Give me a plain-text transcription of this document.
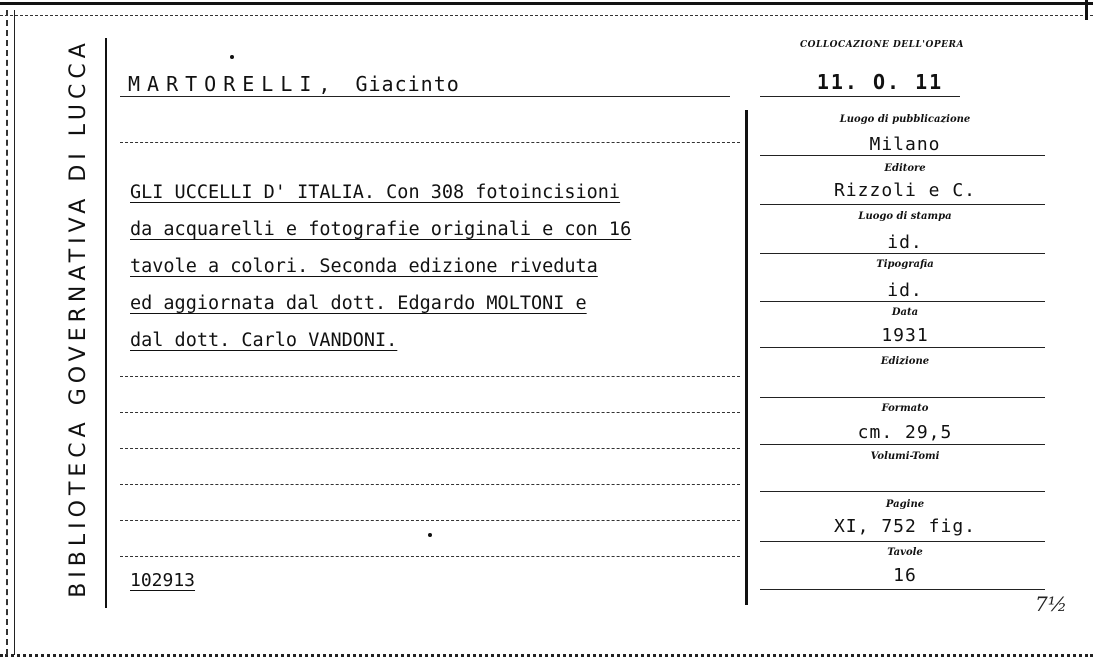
BIBLIOTECA GOVERNATIVA DI LUCCA	MARTORELLI, Giacinto
COLLOCAZIONE DELL'OPERA
11. O. 11

GLI UCCELLI D' ITALIA. Con 308 fotoincisioni
da acquarelli e fotografie originali e con 16
tavole a colori. Seconda edizione riveduta
ed aggiornata dal dott. Edgardo MOLTONI e
dal dott. Carlo VANDONI.

102913
Luogo di pubblicazione
Milano
Editore
Rizzoli e C.
Luogo di stampa
id.
Tipografia
id.
Data
1931
Edizione
Formato
cm. 29,5
Volumi-Tomi
Pagine
XI, 752 fig.
Tavole
16
7½
